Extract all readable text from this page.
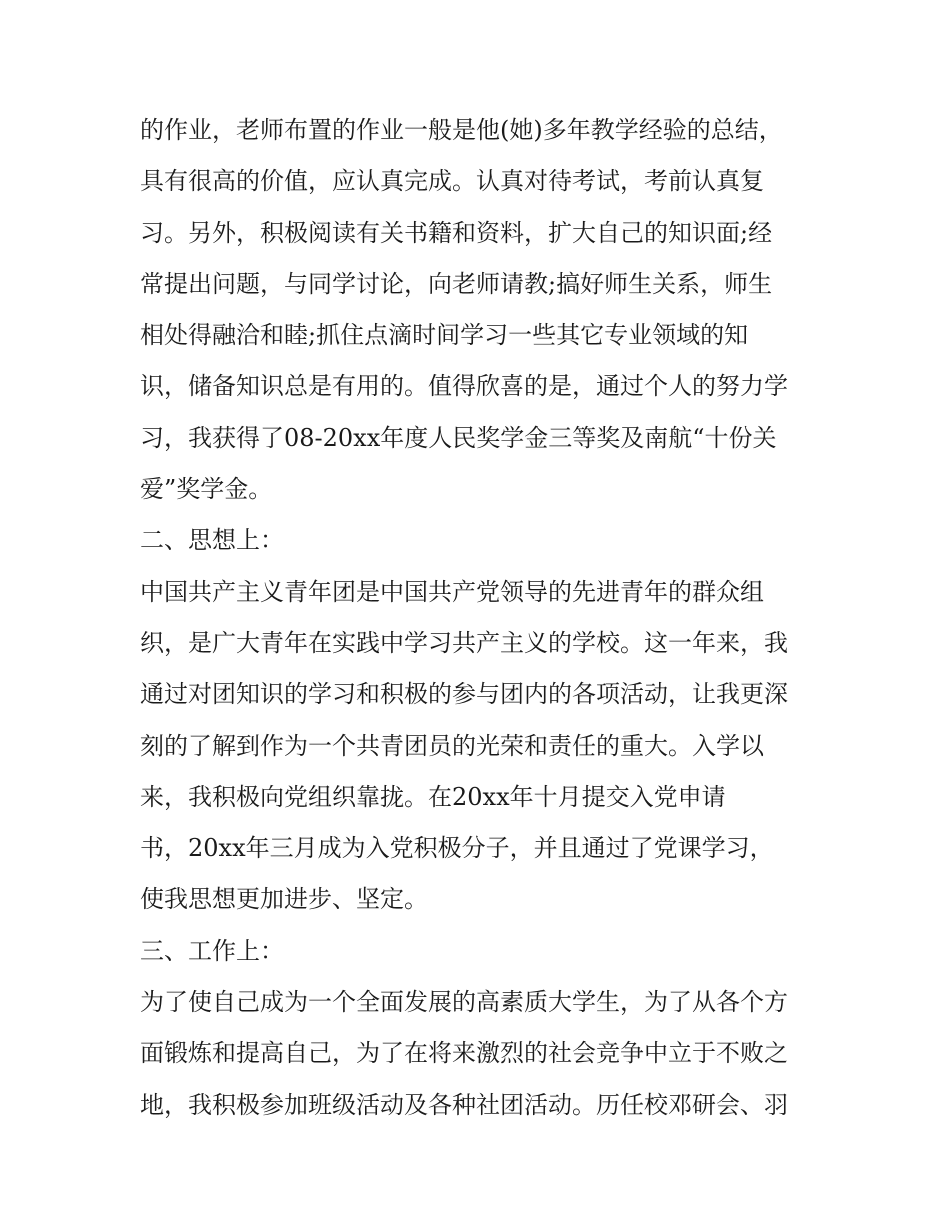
的作业，老师布置的作业一般是他(她)多年教学经验的总结，
具有很高的价值，应认真完成。认真对待考试，考前认真复
习。另外，积极阅读有关书籍和资料，扩大自己的知识面;经
常提出问题，与同学讨论，向老师请教;搞好师生关系，师生
相处得融洽和睦;抓住点滴时间学习一些其它专业领域的知
识，储备知识总是有用的。值得欣喜的是，通过个人的努力学
习，我获得了08-20xx年度人民奖学金三等奖及南航“十份关
爱”奖学金。
二、思想上：
中国共产主义青年团是中国共产党领导的先进青年的群众组
织，是广大青年在实践中学习共产主义的学校。这一年来，我
通过对团知识的学习和积极的参与团内的各项活动，让我更深
刻的了解到作为一个共青团员的光荣和责任的重大。入学以
来，我积极向党组织靠拢。在20xx年十月提交入党申请
书，20xx年三月成为入党积极分子，并且通过了党课学习，
使我思想更加进步、坚定。
三、工作上：
为了使自己成为一个全面发展的高素质大学生，为了从各个方
面锻炼和提高自己，为了在将来激烈的社会竞争中立于不败之
地，我积极参加班级活动及各种社团活动。历任校邓研会、羽
